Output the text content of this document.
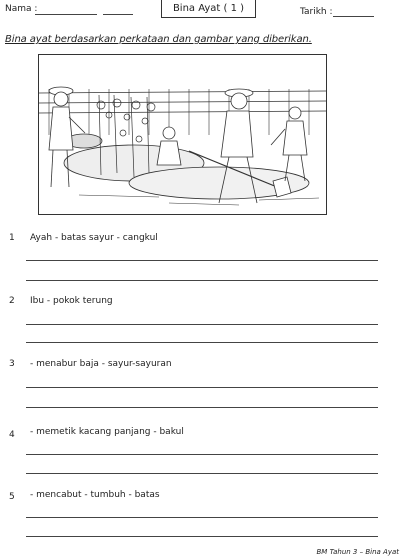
Nama :	Bina Ayat ( 1 )	Tarikh :
Bina ayat berdasarkan perkataan dan gambar yang diberikan.
1 Ayah - batas sayur - cangkul
2 Ibu - pokok terung
3 - menabur baja - sayur-sayuran
4 - memetik kacang panjang - bakul
5 - mencabut - tumbuh - batas
BM Tahun 3 – Bina Ayat
